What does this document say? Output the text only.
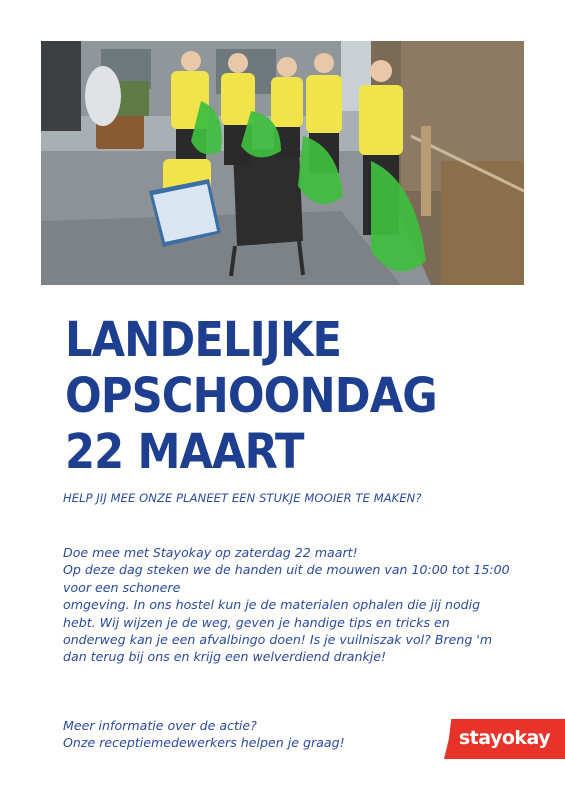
LANDELIJKE
OPSCHOONDAG
22 MAART
HELP JIJ MEE ONZE PLANEET EEN STUKJE MOOIER TE MAKEN?
Doe mee met Stayokay op zaterdag 22 maart!
Op deze dag steken we de handen uit de mouwen van 10:00 tot 15:00
voor een schonere
omgeving. In ons hostel kun je de materialen ophalen die jij nodig
hebt. Wij wijzen je de weg, geven je handige tips en tricks en
onderweg kan je een afvalbingo doen! Is je vuilniszak vol? Breng 'm
dan terug bij ons en krijg een welverdiend drankje!
Meer informatie over de actie?
Onze receptiemedewerkers helpen je graag!	stayokay
